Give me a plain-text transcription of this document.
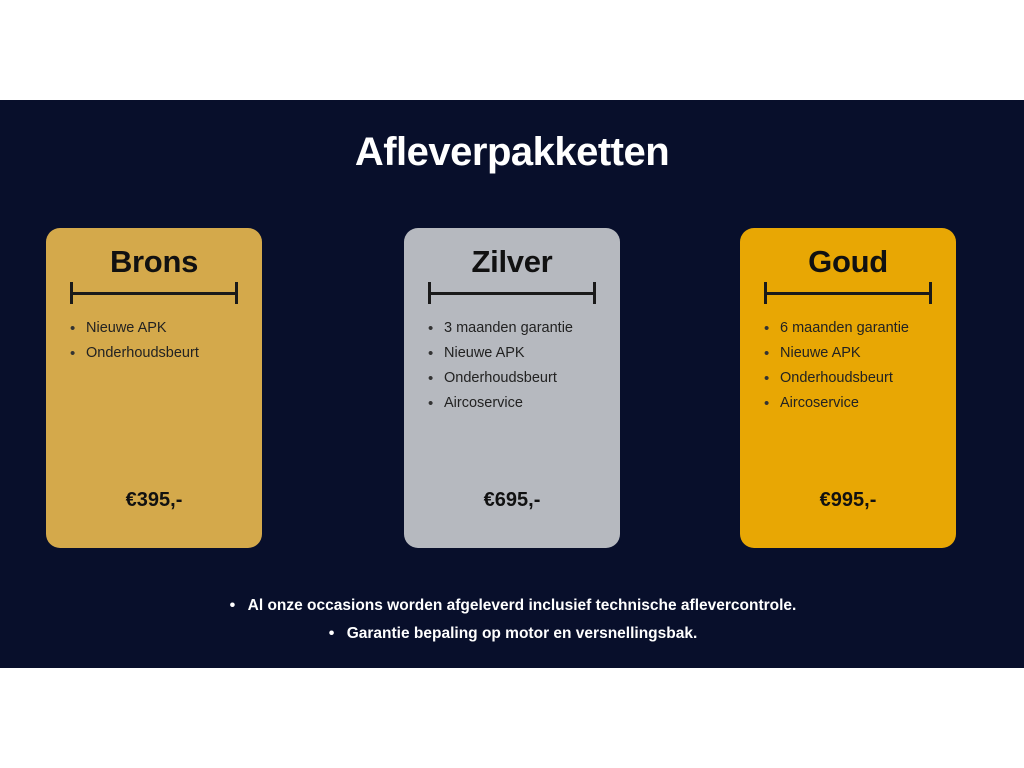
Afleverpakketten
Brons
• Nieuwe APK
• Onderhoudsbeurt
€395,-
Zilver
• 3 maanden garantie
• Nieuwe APK
• Onderhoudsbeurt
• Aircoservice
€695,-
Goud
• 6 maanden garantie
• Nieuwe APK
• Onderhoudsbeurt
• Aircoservice
€995,-
• Al onze occasions worden afgeleverd inclusief technische aflevercontrole.
• Garantie bepaling op motor en versnellingsbak.
